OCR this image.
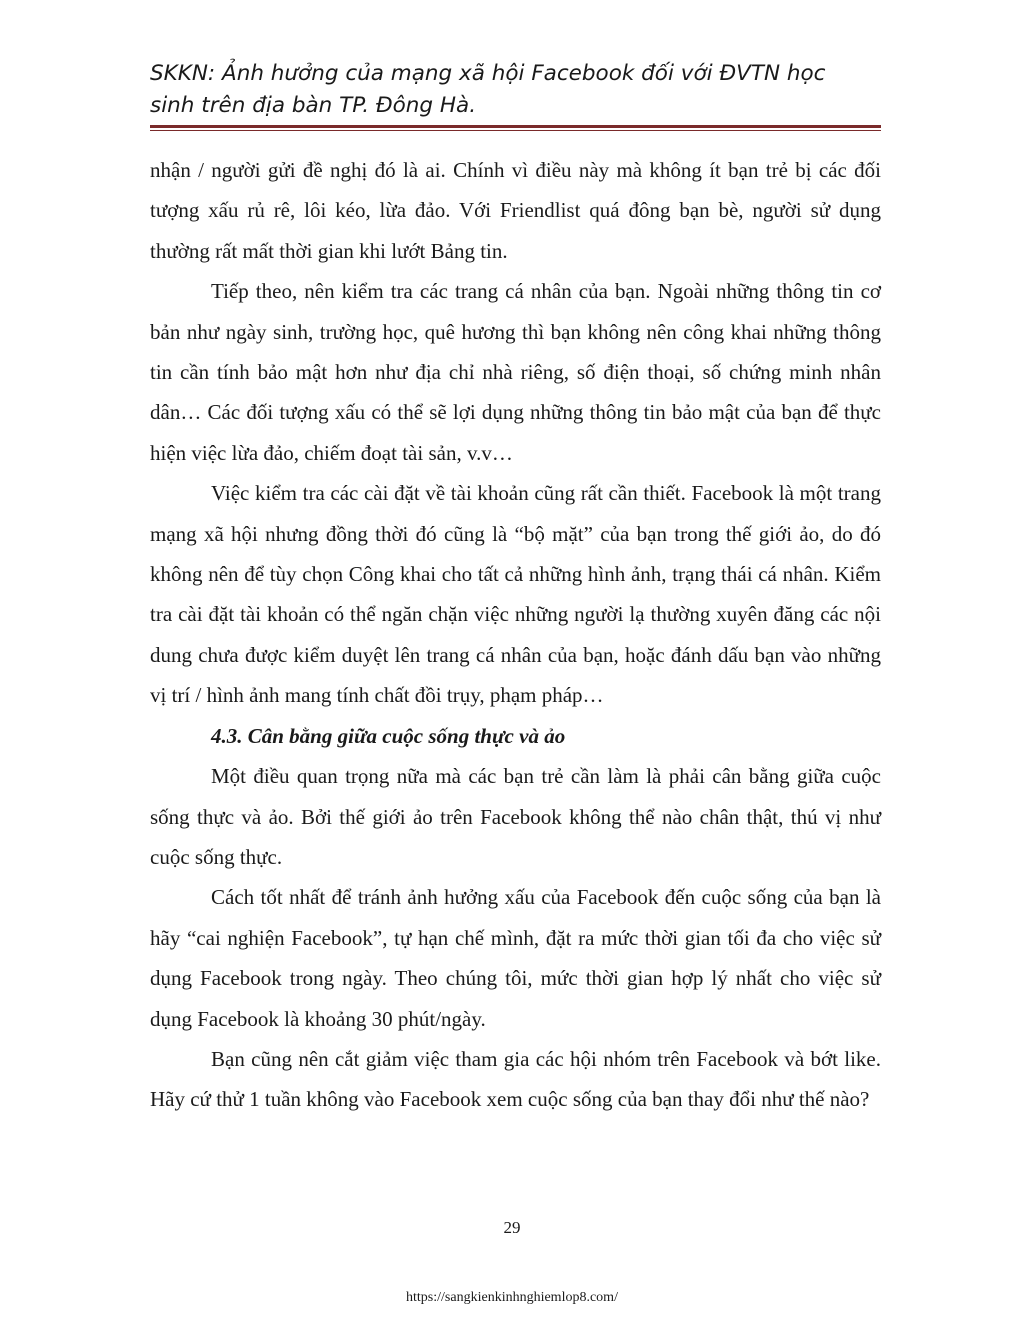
SKKN: Ảnh hưởng của mạng xã hội Facebook đối với ĐVTN học
sinh trên địa bàn TP. Đông Hà.

nhận / người gửi đề nghị đó là ai. Chính vì điều này mà không ít bạn trẻ bị các đối tượng xấu rủ rê, lôi kéo, lừa đảo. Với Friendlist quá đông bạn bè, người sử dụng thường rất mất thời gian khi lướt Bảng tin.

Tiếp theo, nên kiểm tra các trang cá nhân của bạn. Ngoài những thông tin cơ bản như ngày sinh, trường học, quê hương thì bạn không nên công khai những thông tin cần tính bảo mật hơn như địa chỉ nhà riêng, số điện thoại, số chứng minh nhân dân… Các đối tượng xấu có thể sẽ lợi dụng những thông tin bảo mật của bạn để thực hiện việc lừa đảo, chiếm đoạt tài sản, v.v…

Việc kiểm tra các cài đặt về tài khoản cũng rất cần thiết. Facebook là một trang mạng xã hội nhưng đồng thời đó cũng là “bộ mặt” của bạn trong thế giới ảo, do đó không nên để tùy chọn Công khai cho tất cả những hình ảnh, trạng thái cá nhân. Kiểm tra cài đặt tài khoản có thể ngăn chặn việc những người lạ thường xuyên đăng các nội dung chưa được kiểm duyệt lên trang cá nhân của bạn, hoặc đánh dấu bạn vào những vị trí / hình ảnh mang tính chất đồi trụy, phạm pháp…

4.3. Cân bằng giữa cuộc sống thực và ảo

Một điều quan trọng nữa mà các bạn trẻ cần làm là phải cân bằng giữa cuộc sống thực và ảo. Bởi thế giới ảo trên Facebook không thể nào chân thật, thú vị như cuộc sống thực.

Cách tốt nhất để tránh ảnh hưởng xấu của Facebook đến cuộc sống của bạn là hãy “cai nghiện Facebook”, tự hạn chế mình, đặt ra mức thời gian tối đa cho việc sử dụng Facebook trong ngày. Theo chúng tôi, mức thời gian hợp lý nhất cho việc sử dụng Facebook là khoảng 30 phút/ngày.

Bạn cũng nên cắt giảm việc tham gia các hội nhóm trên Facebook và bớt like. Hãy cứ thử 1 tuần không vào Facebook xem cuộc sống của bạn thay đổi như thế nào?

29
https://sangkienkinhnghiemlop8.com/
